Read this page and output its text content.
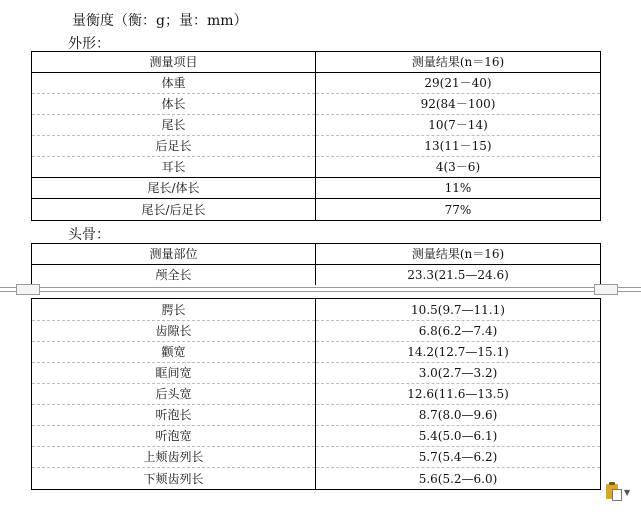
量衡度（衡：g；量：mm）
外形：
测量项目	测量结果(n＝16)
体重	29(21－40)
体长	92(84－100)
尾长	10(7－14)
后足长	13(11－15)
耳长	4(3－6)
尾长/体长	11%
尾长/后足长	77%
头骨：
测量部位	测量结果(n＝16)
颅全长	23.3(21.5—24.6)
腭长	10.5(9.7—11.1)
齿隙长	6.8(6.2—7.4)
颧宽	14.2(12.7—15.1)
眶间宽	3.0(2.7—3.2)
后头宽	12.6(11.6—13.5)
听泡长	8.7(8.0—9.6)
听泡宽	5.4(5.0—6.1)
上颊齿列长	5.7(5.4—6.2)
下颊齿列长	5.6(5.2—6.0)
▼
